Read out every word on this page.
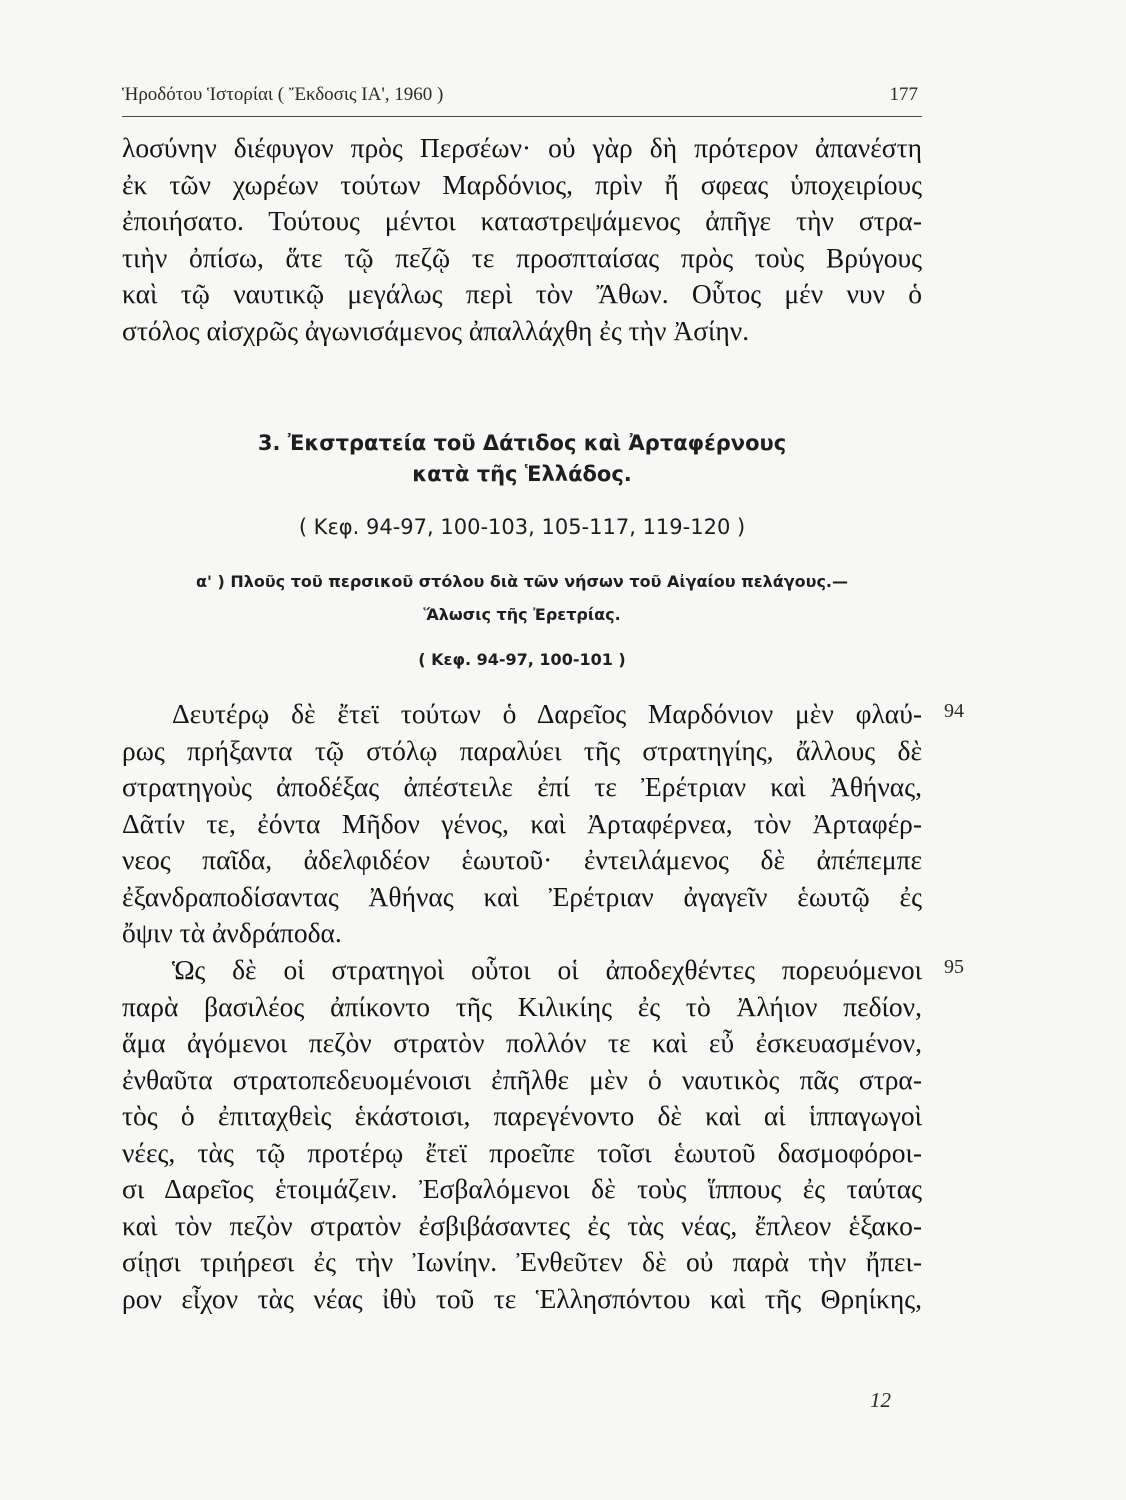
Ἡροδότου Ἱστορίαι ( Ἔκδοσις ΙΑ', 1960 )	177
λοσύνην διέφυγον πρὸς Περσέων· οὐ γὰρ δὴ πρότερον ἀπανέστη
ἐκ τῶν χωρέων τούτων Μαρδόνιος, πρὶν ἤ σφεας ὑποχειρίους
ἐποιήσατο. Τούτους μέντοι καταστρεψάμενος ἀπῆγε τὴν στρα-
τιὴν ὀπίσω, ἅτε τῷ πεζῷ τε προσπταίσας πρὸς τοὺς Βρύγους
καὶ τῷ ναυτικῷ μεγάλως περὶ τὸν Ἄθων. Οὗτος μέν νυν ὁ
στόλος αἰσχρῶς ἀγωνισάμενος ἀπαλλάχθη ἐς τὴν Ἀσίην.
3. Ἐκστρατεία τοῦ Δάτιδος καὶ Ἀρταφέρνους
κατὰ τῆς Ἑλλάδος.
( Κεφ. 94-97, 100-103, 105-117, 119-120 )
α' ) Πλοῦς τοῦ περσικοῦ στόλου διὰ τῶν νήσων τοῦ Αἰγαίου πελάγους.—
Ἅλωσις τῆς Ἐρετρίας.
( Κεφ. 94-97, 100-101 )
Δευτέρῳ δὲ ἔτεϊ τούτων ὁ Δαρεῖος Μαρδόνιον μὲν φλαύ-
ρως πρήξαντα τῷ στόλῳ παραλύει τῆς στρατηγίης, ἄλλους δὲ
στρατηγοὺς ἀποδέξας ἀπέστειλε ἐπί τε Ἐρέτριαν καὶ Ἀθήνας,
Δᾶτίν τε, ἐόντα Μῆδον γένος, καὶ Ἀρταφέρνεα, τὸν Ἀρταφέρ-
νεος παῖδα, ἀδελφιδέον ἑωυτοῦ· ἐντειλάμενος δὲ ἀπέπεμπε
ἐξανδραποδίσαντας Ἀθήνας καὶ Ἐρέτριαν ἀγαγεῖν ἑωυτῷ ἐς
ὄψιν τὰ ἀνδράποδα.
94
Ὡς δὲ οἱ στρατηγοὶ οὗτοι οἱ ἀποδεχθέντες πορευόμενοι
παρὰ βασιλέος ἀπίκοντο τῆς Κιλικίης ἐς τὸ Ἀλήιον πεδίον,
ἅμα ἀγόμενοι πεζὸν στρατὸν πολλόν τε καὶ εὖ ἐσκευασμένον,
ἐνθαῦτα στρατοπεδευομένοισι ἐπῆλθε μὲν ὁ ναυτικὸς πᾶς στρα-
τὸς ὁ ἐπιταχθεὶς ἑκάστοισι, παρεγένοντο δὲ καὶ αἱ ἱππαγωγοὶ
νέες, τὰς τῷ προτέρῳ ἔτεϊ προεῖπε τοῖσι ἑωυτοῦ δασμοφόροι-
σι Δαρεῖος ἑτοιμάζειν. Ἐσβαλόμενοι δὲ τοὺς ἵππους ἐς ταύτας
καὶ τὸν πεζὸν στρατὸν ἐσβιβάσαντες ἐς τὰς νέας, ἔπλεον ἑξακο-
σίῃσι τριήρεσι ἐς τὴν Ἰωνίην. Ἐνθεῦτεν δὲ οὐ παρὰ τὴν ἤπει-
ρον εἶχον τὰς νέας ἰθὺ τοῦ τε Ἑλλησπόντου καὶ τῆς Θρηίκης,
95
12
